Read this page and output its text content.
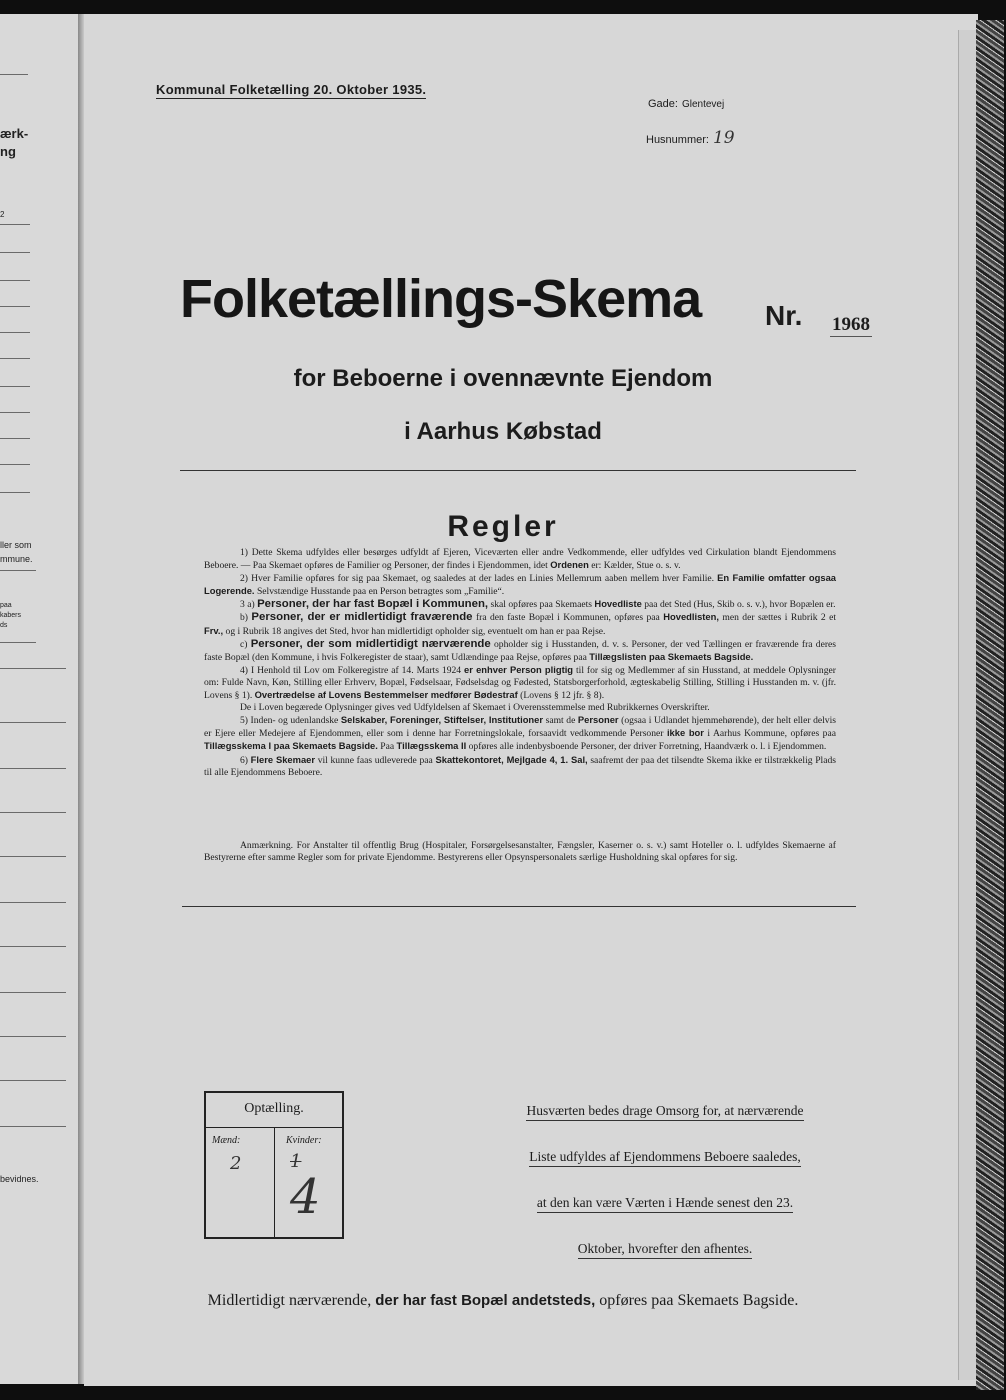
ærk-
ng
2
ller som
mmune.
paa
kabers
ds
bevidnes.
Kommunal Folketælling 20. Oktober 1935.
Gade: Glentevej
Husnummer: 19
Folketællings-Skema Nr. 1968
for Beboerne i ovennævnte Ejendom
i Aarhus Købstad
Regler

1) Dette Skema udfyldes eller besørges udfyldt af Ejeren, Viceværten eller andre Vedkommende, eller udfyldes ved Cirkulation blandt Ejendommens Beboere. — Paa Skemaet opføres de Familier og Personer, der findes i Ejendommen, idet Ordenen er: Kælder, Stue o. s. v.

2) Hver Familie opføres for sig paa Skemaet, og saaledes at der lades en Linies Mellemrum aaben mellem hver Familie. En Familie omfatter ogsaa Logerende. Selvstændige Husstande paa en Person betragtes som „Familie“.

3 a) Personer, der har fast Bopæl i Kommunen, skal opføres paa Skemaets Hovedliste paa det Sted (Hus, Skib o. s. v.), hvor Bopælen er.

b) Personer, der er midlertidigt fraværende fra den faste Bopæl i Kommunen, opføres paa Hovedlisten, men der sættes i Rubrik 2 et Frv., og i Rubrik 18 angives det Sted, hvor han midlertidigt opholder sig, eventuelt om han er paa Rejse.

c) Personer, der som midlertidigt nærværende opholder sig i Husstanden, d. v. s. Personer, der ved Tællingen er fraværende fra deres faste Bopæl (den Kommune, i hvis Folkeregister de staar), samt Udlændinge paa Rejse, opføres paa Tillægslisten paa Skemaets Bagside.

4) I Henhold til Lov om Folkeregistre af 14. Marts 1924 er enhver Person pligtig til for sig og Medlemmer af sin Husstand, at meddele Oplysninger om: Fulde Navn, Køn, Stilling eller Erhverv, Bopæl, Fødselsaar, Fødselsdag og Fødested, Statsborgerforhold, ægteskabelig Stilling, Stilling i Husstanden m. v. (jfr. Lovens § 1). Overtrædelse af Lovens Bestemmelser medfører Bødestraf (Lovens § 12 jfr. § 8).

De i Loven begærede Oplysninger gives ved Udfyldelsen af Skemaet i Overensstemmelse med Rubrikkernes Overskrifter.

5) Inden- og udenlandske Selskaber, Foreninger, Stiftelser, Institutioner samt de Personer (ogsaa i Udlandet hjemmehørende), der helt eller delvis er Ejere eller Medejere af Ejendommen, eller som i denne har Forretningslokale, forsaavidt vedkommende Personer ikke bor i Aarhus Kommune, opføres paa Tillægsskema I paa Skemaets Bagside. Paa Tillægsskema II opføres alle indenbysboende Personer, der driver Forretning, Haandværk o. l. i Ejendommen.

6) Flere Skemaer vil kunne faas udleverede paa Skattekontoret, Mejlgade 4, 1. Sal, saafremt der paa det tilsendte Skema ikke er tilstrækkelig Plads til alle Ejendommens Beboere.

Anmærkning. For Anstalter til offentlig Brug (Hospitaler, Forsørgelsesanstalter, Fængsler, Kaserner o. s. v.) samt Hoteller o. l. udfyldes Skemaerne af Bestyrerne efter samme Regler som for private Ejendomme. Bestyrerens eller Opsynspersonalets særlige Husholdning skal opføres for sig.

Optælling.
Mænd:	Kvinder:
2	1
4
Husværten bedes drage Omsorg for, at nærværende Liste udfyldes af Ejendommens Beboere saaledes, at den kan være Værten i Hænde senest den 23. Oktober, hvorefter den afhentes.
Midlertidigt nærværende, der har fast Bopæl andetsteds, opføres paa Skemaets Bagside.
